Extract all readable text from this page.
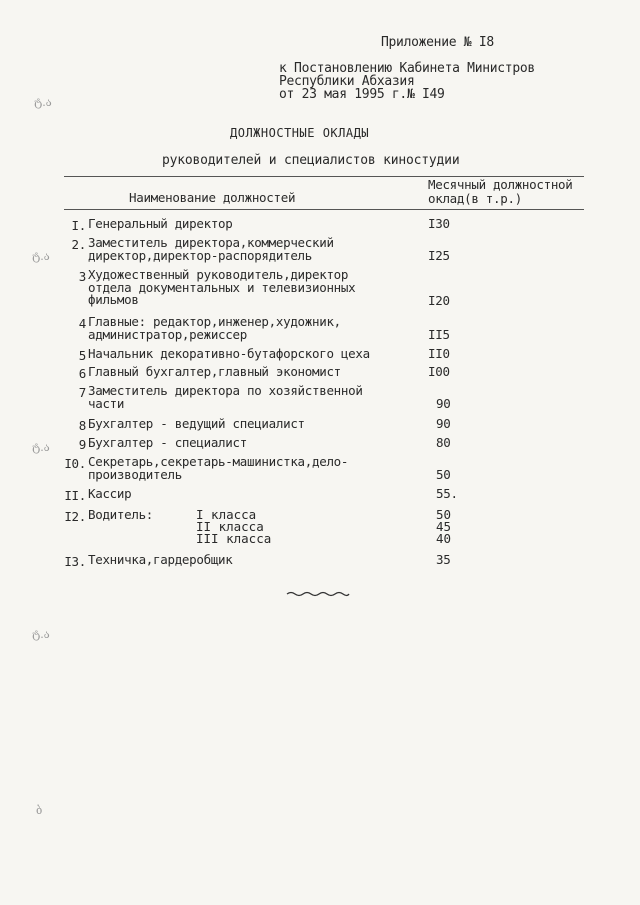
Приложение № I8
к Постановлению Кабинета Министров
Республики Абхазия
от 23 мая 1995 г.№ I49
ДОЛЖНОСТНЫЕ ОКЛАДЫ
руководителей и специалистов киностудии
Наименование должностей
Месячный должностной
оклад(в т.р.)
I. Генеральный директор	I30
2. Заместитель директора,коммерческий
директор,директор-распорядитель	I25
3 Художественный руководитель,директор
отдела документальных и телевизионных
фильмов	I20
4 Главные: редактор,инженер,художник,
администратор,режиссер	II5
5 Начальник декоративно-бутафорского цеха	II0
6 Главный бухгалтер,главный экономист	I00
7 Заместитель директора по хозяйственной
части	90
8 Бухгалтер - ведущий специалист	90
9 Бухгалтер - специалист	80
I0. Секретарь,секретарь-машинистка,дело-
производитель	50
II. Кассир	55.
I2. Водитель:	I класса	50
II класса	45
III класса	40
I3. Техничка,гардеробщик	35
ტ.ა
ტ.ა
ტ.ა
ტ.ა
ბ
